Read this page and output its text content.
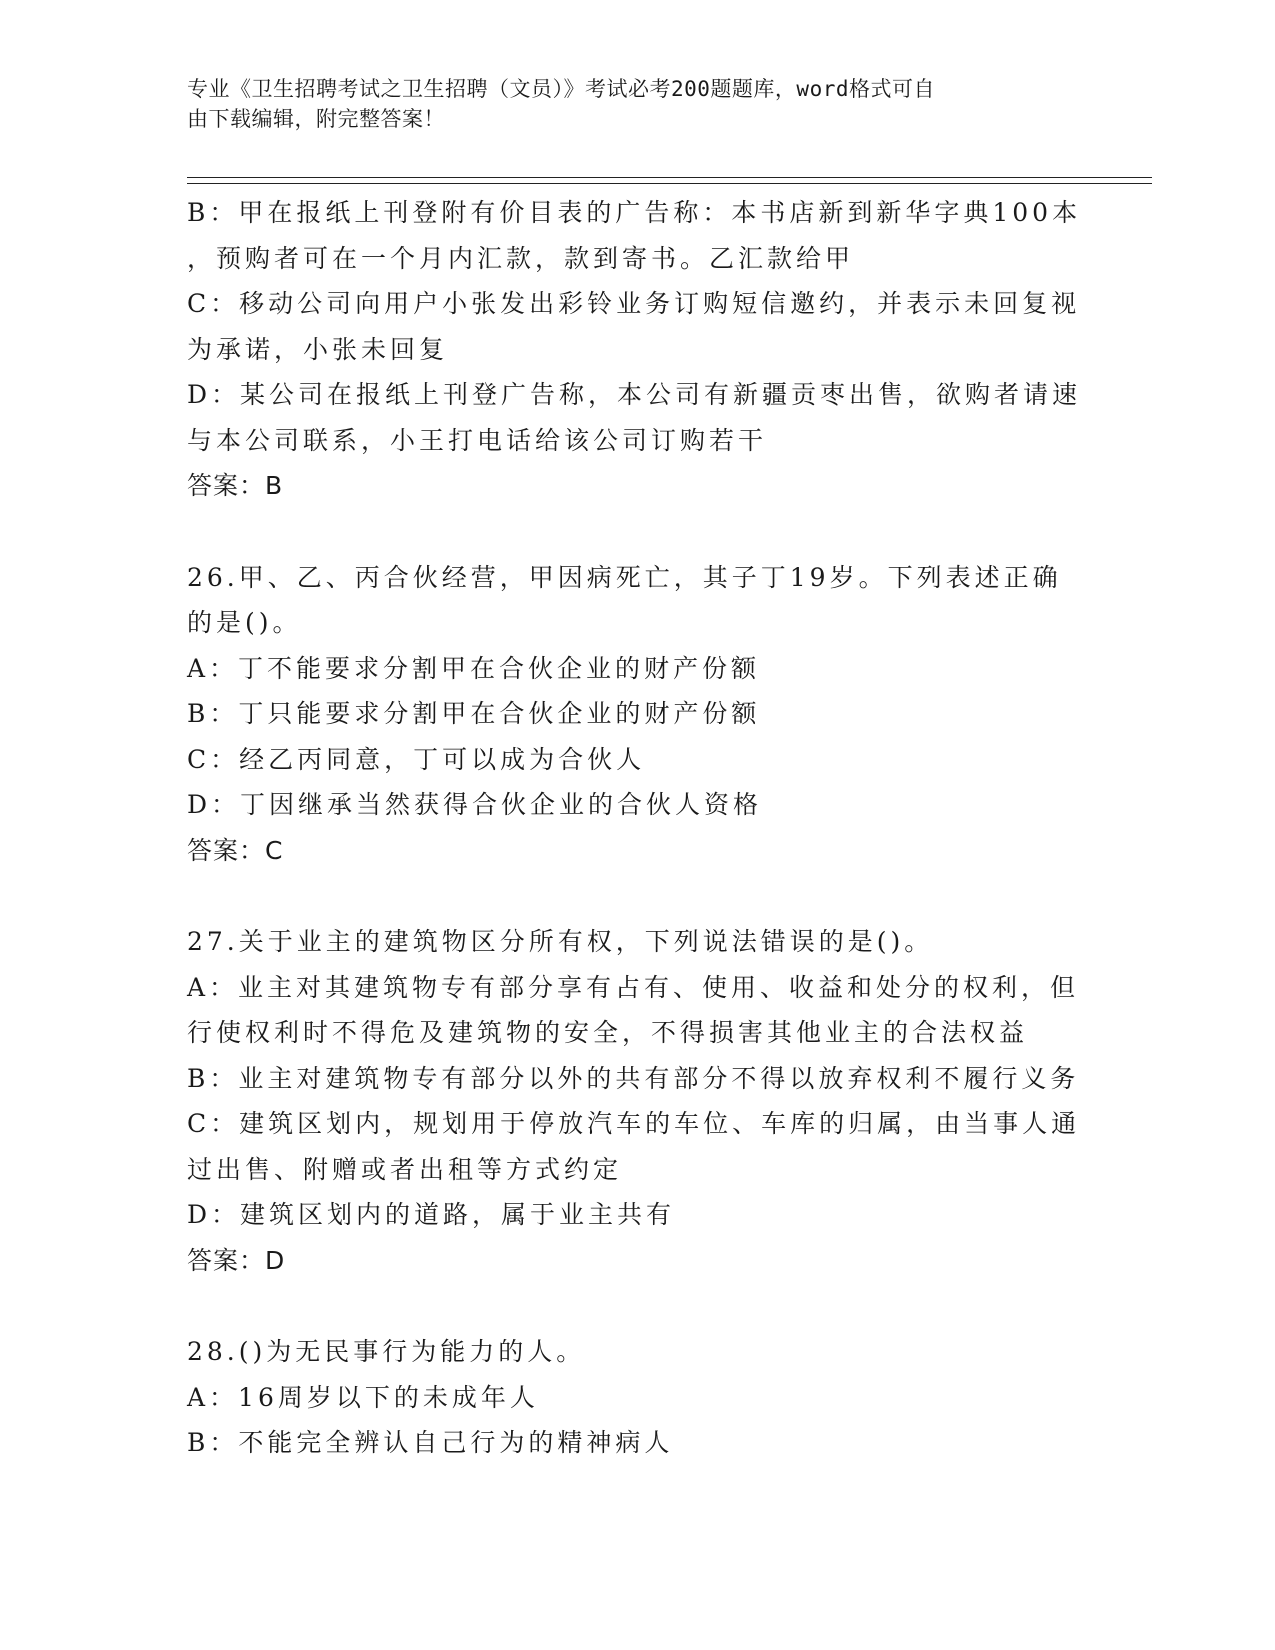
专业《卫生招聘考试之卫生招聘（文员）》考试必考200题题库，word格式可自
由下载编辑，附完整答案！
B：甲在报纸上刊登附有价目表的广告称：本书店新到新华字典100本
，预购者可在一个月内汇款，款到寄书。乙汇款给甲
C：移动公司向用户小张发出彩铃业务订购短信邀约，并表示未回复视
为承诺，小张未回复
D：某公司在报纸上刊登广告称，本公司有新疆贡枣出售，欲购者请速
与本公司联系，小王打电话给该公司订购若干
答案：B
26.甲、乙、丙合伙经营，甲因病死亡，其子丁19岁。下列表述正确
的是()。
A：丁不能要求分割甲在合伙企业的财产份额
B：丁只能要求分割甲在合伙企业的财产份额
C：经乙丙同意，丁可以成为合伙人
D：丁因继承当然获得合伙企业的合伙人资格
答案：C
27.关于业主的建筑物区分所有权，下列说法错误的是()。
A：业主对其建筑物专有部分享有占有、使用、收益和处分的权利，但
行使权利时不得危及建筑物的安全，不得损害其他业主的合法权益
B：业主对建筑物专有部分以外的共有部分不得以放弃权利不履行义务
C：建筑区划内，规划用于停放汽车的车位、车库的归属，由当事人通
过出售、附赠或者出租等方式约定
D：建筑区划内的道路，属于业主共有
答案：D
28.()为无民事行为能力的人。
A：16周岁以下的未成年人
B：不能完全辨认自己行为的精神病人
